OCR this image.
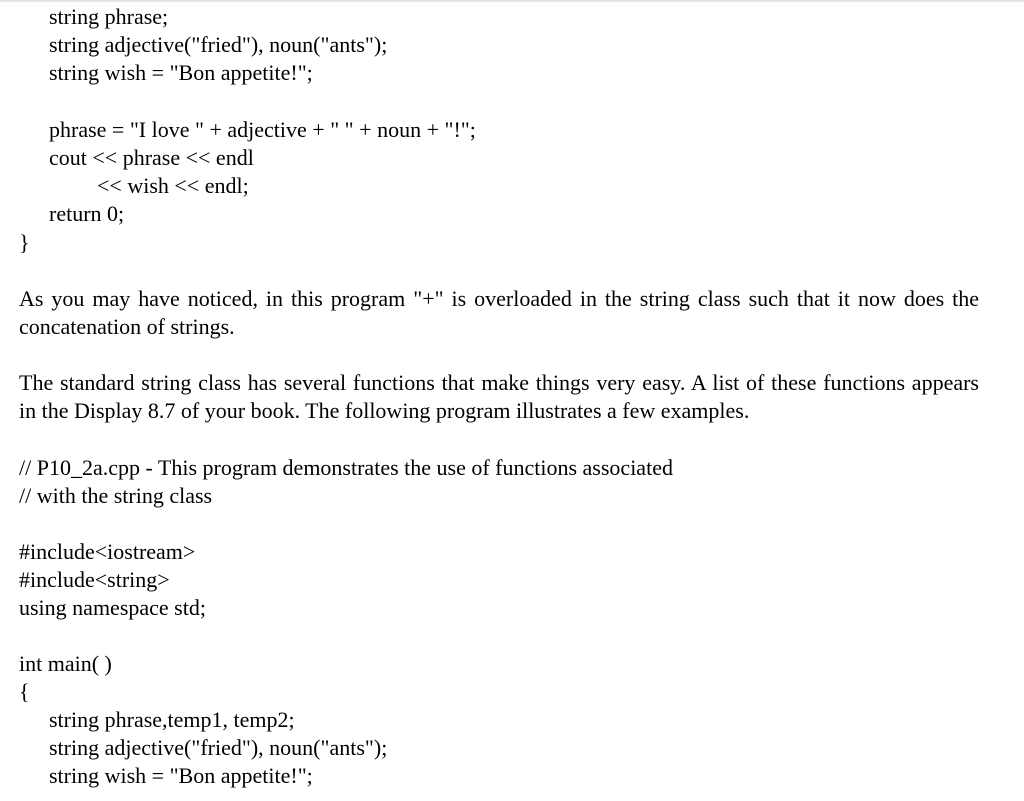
string phrase;
string adjective("fried"), noun("ants");
string wish = "Bon appetite!";
phrase = "I love " + adjective + " " + noun + "!";
cout << phrase << endl
<< wish << endl;
return 0;
}
As you may have noticed, in this program "+" is overloaded in the string class such that it now does the concatenation of strings.
The standard string class has several functions that make things very easy. A list of these functions appears in the Display 8.7 of your book. The following program illustrates a few examples.
// P10_2a.cpp - This program demonstrates the use of functions associated
// with the string class
#include<iostream>
#include<string>
using namespace std;
int main( )
{
string phrase,temp1, temp2;
string adjective("fried"), noun("ants");
string wish = "Bon appetite!";
